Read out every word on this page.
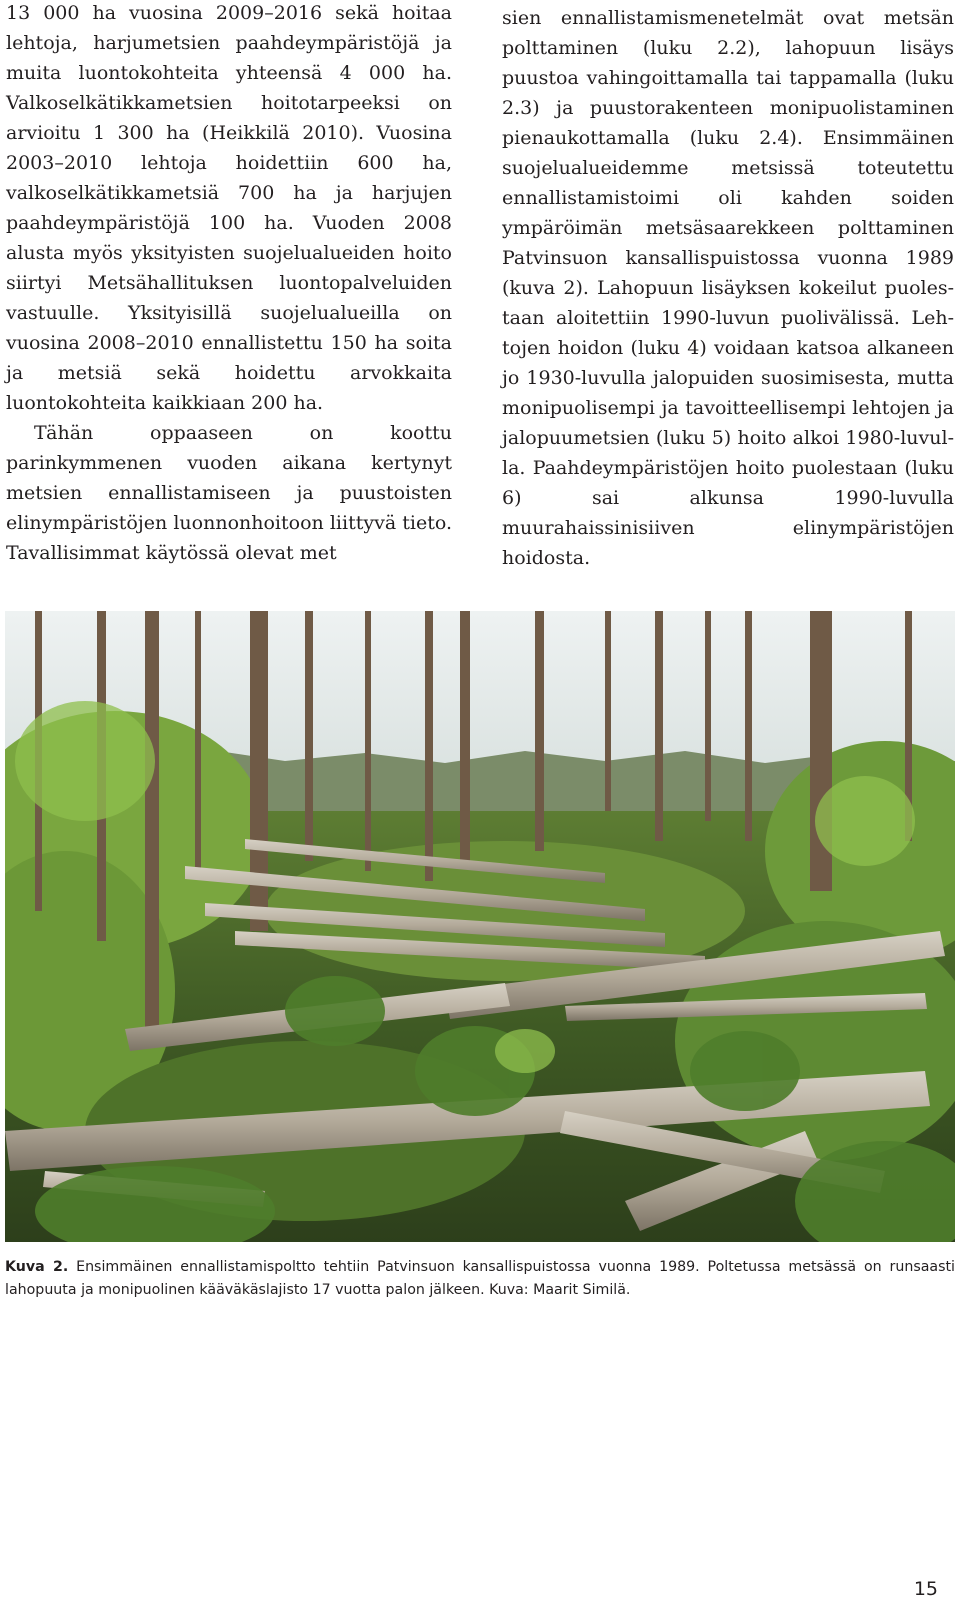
13 000 ha vuosina 2009–2016 sekä hoitaa lehtoja, harjumetsien paahdeympäristöjä ja muita luontokohteita yhteensä 4 000 ha. Valkoselkätikkametsien hoitotarpeeksi on arvioitu 1 300 ha (Heikkilä 2010). Vuosina 2003–2010 lehtoja hoidettiin 600 ha, valkoselkätikkametsiä 700 ha ja harjujen paahdeympäristöjä 100 ha. Vuoden 2008 alusta myös yksityisten suojelualueiden hoito siirtyi Metsähallituksen luontopalveluiden vastuulle. Yksityisillä suojelualueilla on vuosina 2008–2010 ennallistettu 150 ha soita ja metsiä sekä hoidettu arvokkaita luontokohteita kaikkiaan 200 ha.

Tähän oppaaseen on koottu parinkymmenen vuoden aikana kertynyt metsien ennallistamiseen ja puustoisten elinympäristöjen luonnonhoitoon liittyvä tieto. Tavallisimmat käytössä olevat met

sien ennallistamismenetelmät ovat metsän polttaminen (luku 2.2), lahopuun lisäys puustoa vahingoittamalla tai tappamalla (luku 2.3) ja puustorakenteen monipuolistaminen pienaukottamalla (luku 2.4). Ensimmäinen suojelualueidemme metsissä toteutettu ennallistamistoimi oli kahden soiden ympäröimän metsäsaarekkeen polttaminen Patvinsuon kansallispuistossa vuonna 1989 (kuva 2). Lahopuun lisäyksen kokeilut puolestaan aloitettiin 1990-luvun puolivälissä. Lehtojen hoidon (luku 4) voidaan katsoa alkaneen jo 1930-luvulla jalopuiden suosimisesta, mutta monipuolisempi ja tavoitteellisempi lehtojen ja jalopuumetsien (luku 5) hoito alkoi 1980-luvulla. Paahdeympäristöjen hoito puolestaan (luku 6) sai alkunsa 1990-luvulla muurahaissinisiiven elinympäristöjen hoidosta.

Kuva 2. Ensimmäinen ennallistamispoltto tehtiin Patvinsuon kansallispuistossa vuonna 1989. Poltetussa metsässä on runsaasti lahopuuta ja monipuolinen kääväkäslajisto 17 vuotta palon jälkeen. Kuva: Maarit Similä.
15
